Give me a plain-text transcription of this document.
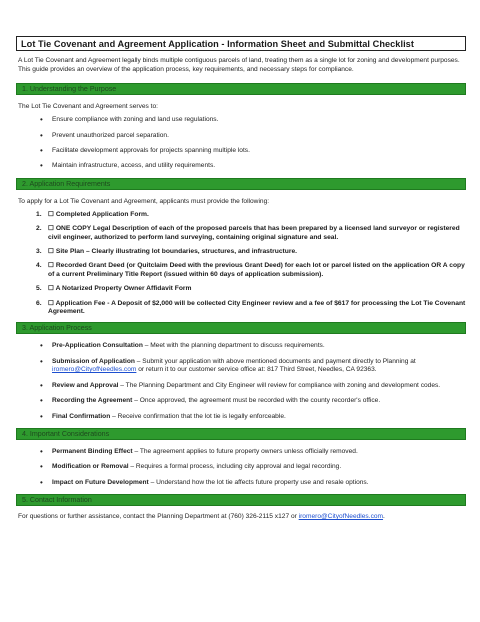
Lot Tie Covenant and Agreement Application - Information Sheet and Submittal Checklist

A Lot Tie Covenant and Agreement legally binds multiple contiguous parcels of land, treating them as a single lot for zoning and development purposes. This guide provides an overview of the application process, key requirements, and necessary steps for compliance.

1. Understanding the Purpose

The Lot Tie Covenant and Agreement serves to:

• Ensure compliance with zoning and land use regulations.
• Prevent unauthorized parcel separation.
• Facilitate development approvals for projects spanning multiple lots.
• Maintain infrastructure, access, and utility requirements.
2. Application Requirements

To apply for a Lot Tie Covenant and Agreement, applicants must provide the following:

1. ☐ Completed Application Form.
2. ☐ ONE COPY Legal Description of each of the proposed parcels that has been prepared by a licensed land surveyor or registered civil engineer, authorized to perform land surveying, containing original signature and seal.
3. ☐ Site Plan – Clearly illustrating lot boundaries, structures, and infrastructure.
4. ☐ Recorded Grant Deed (or Quitclaim Deed with the previous Grant Deed) for each lot or parcel listed on the application OR A copy of a current Preliminary Title Report (issued within 60 days of application submission).
5. ☐ A Notarized Property Owner Affidavit Form
6. ☐ Application Fee - A Deposit of $2,000 will be collected City Engineer review and a fee of $617 for processing the Lot Tie Covenant Agreement.
3. Application Process
• Pre-Application Consultation – Meet with the planning department to discuss requirements.
• Submission of Application – Submit your application with above mentioned documents and payment directly to Planning at iromero@CityofNeedles.com or return it to our customer service office at: 817 Third Street, Needles, CA 92363.
• Review and Approval – The Planning Department and City Engineer will review for compliance with zoning and development codes.
• Recording the Agreement – Once approved, the agreement must be recorded with the county recorder's office.
• Final Confirmation – Receive confirmation that the lot tie is legally enforceable.
4. Important Considerations
• Permanent Binding Effect – The agreement applies to future property owners unless officially removed.
• Modification or Removal – Requires a formal process, including city approval and legal recording.
• Impact on Future Development – Understand how the lot tie affects future property use and resale options.
5. Contact Information

For questions or further assistance, contact the Planning Department at (760) 326-2115 x127 or iromero@CityofNeedles.com.
